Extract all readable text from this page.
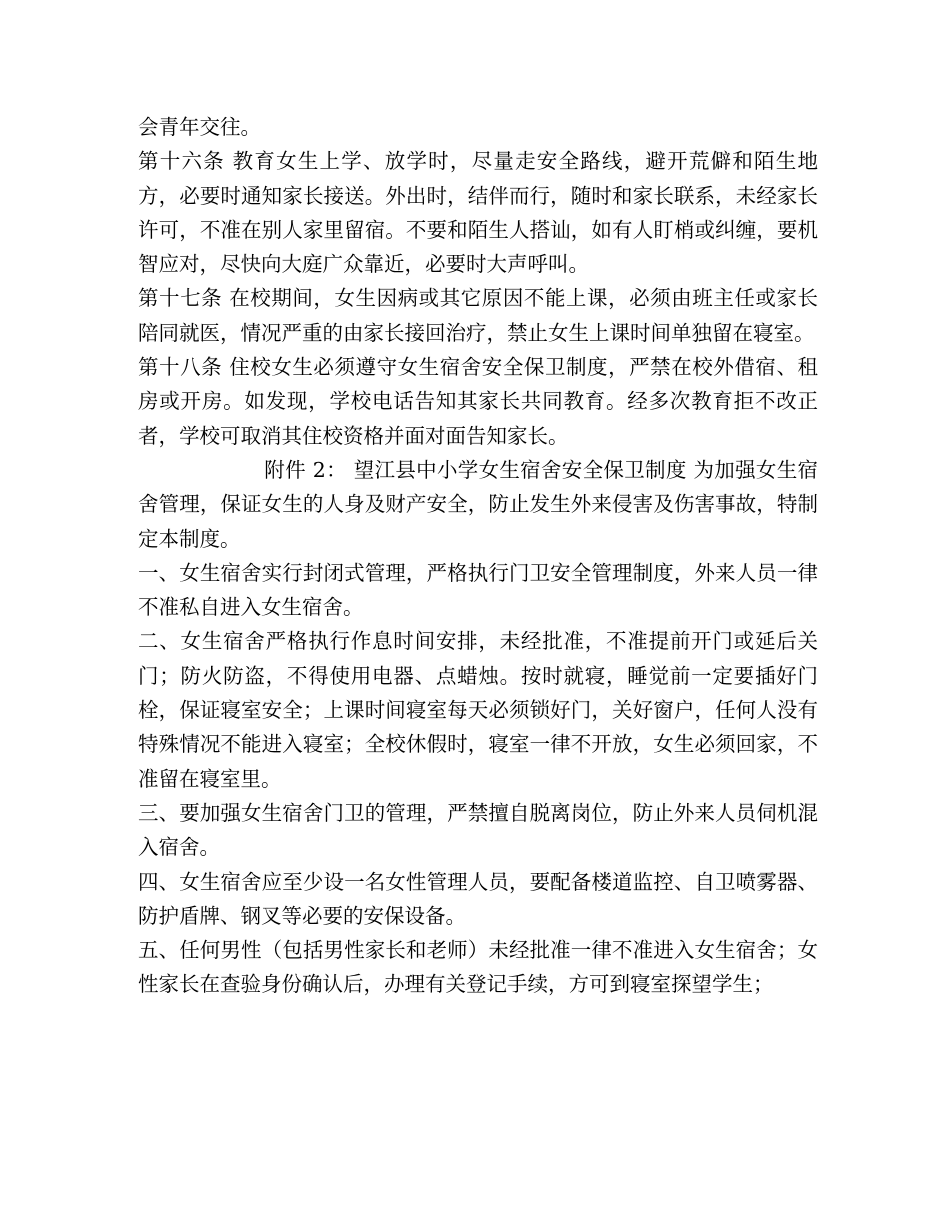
会青年交往。

第十六条 教育女生上学、放学时，尽量走安全路线，避开荒僻和陌生地方，必要时通知家长接送。外出时，结伴而行，随时和家长联系，未经家长许可，不准在别人家里留宿。不要和陌生人搭讪，如有人盯梢或纠缠，要机智应对，尽快向大庭广众靠近，必要时大声呼叫。

第十七条 在校期间，女生因病或其它原因不能上课，必须由班主任或家长陪同就医，情况严重的由家长接回治疗，禁止女生上课时间单独留在寝室。

第十八条 住校女生必须遵守女生宿舍安全保卫制度，严禁在校外借宿、租房或开房。如发现，学校电话告知其家长共同教育。经多次教育拒不改正者，学校可取消其住校资格并面对面告知家长。

附件 2： 望江县中小学女生宿舍安全保卫制度 为加强女生宿舍管理，保证女生的人身及财产安全，防止发生外来侵害及伤害事故，特制定本制度。

一、女生宿舍实行封闭式管理，严格执行门卫安全管理制度，外来人员一律不准私自进入女生宿舍。

二、女生宿舍严格执行作息时间安排，未经批准，不准提前开门或延后关门；防火防盗，不得使用电器、点蜡烛。按时就寝，睡觉前一定要插好门栓，保证寝室安全；上课时间寝室每天必须锁好门，关好窗户，任何人没有特殊情况不能进入寝室；全校休假时，寝室一律不开放，女生必须回家，不准留在寝室里。

三、要加强女生宿舍门卫的管理，严禁擅自脱离岗位，防止外来人员伺机混入宿舍。

四、女生宿舍应至少设一名女性管理人员，要配备楼道监控、自卫喷雾器、防护盾牌、钢叉等必要的安保设备。

五、任何男性（包括男性家长和老师）未经批准一律不准进入女生宿舍；女性家长在查验身份确认后，办理有关登记手续，方可到寝室探望学生；
